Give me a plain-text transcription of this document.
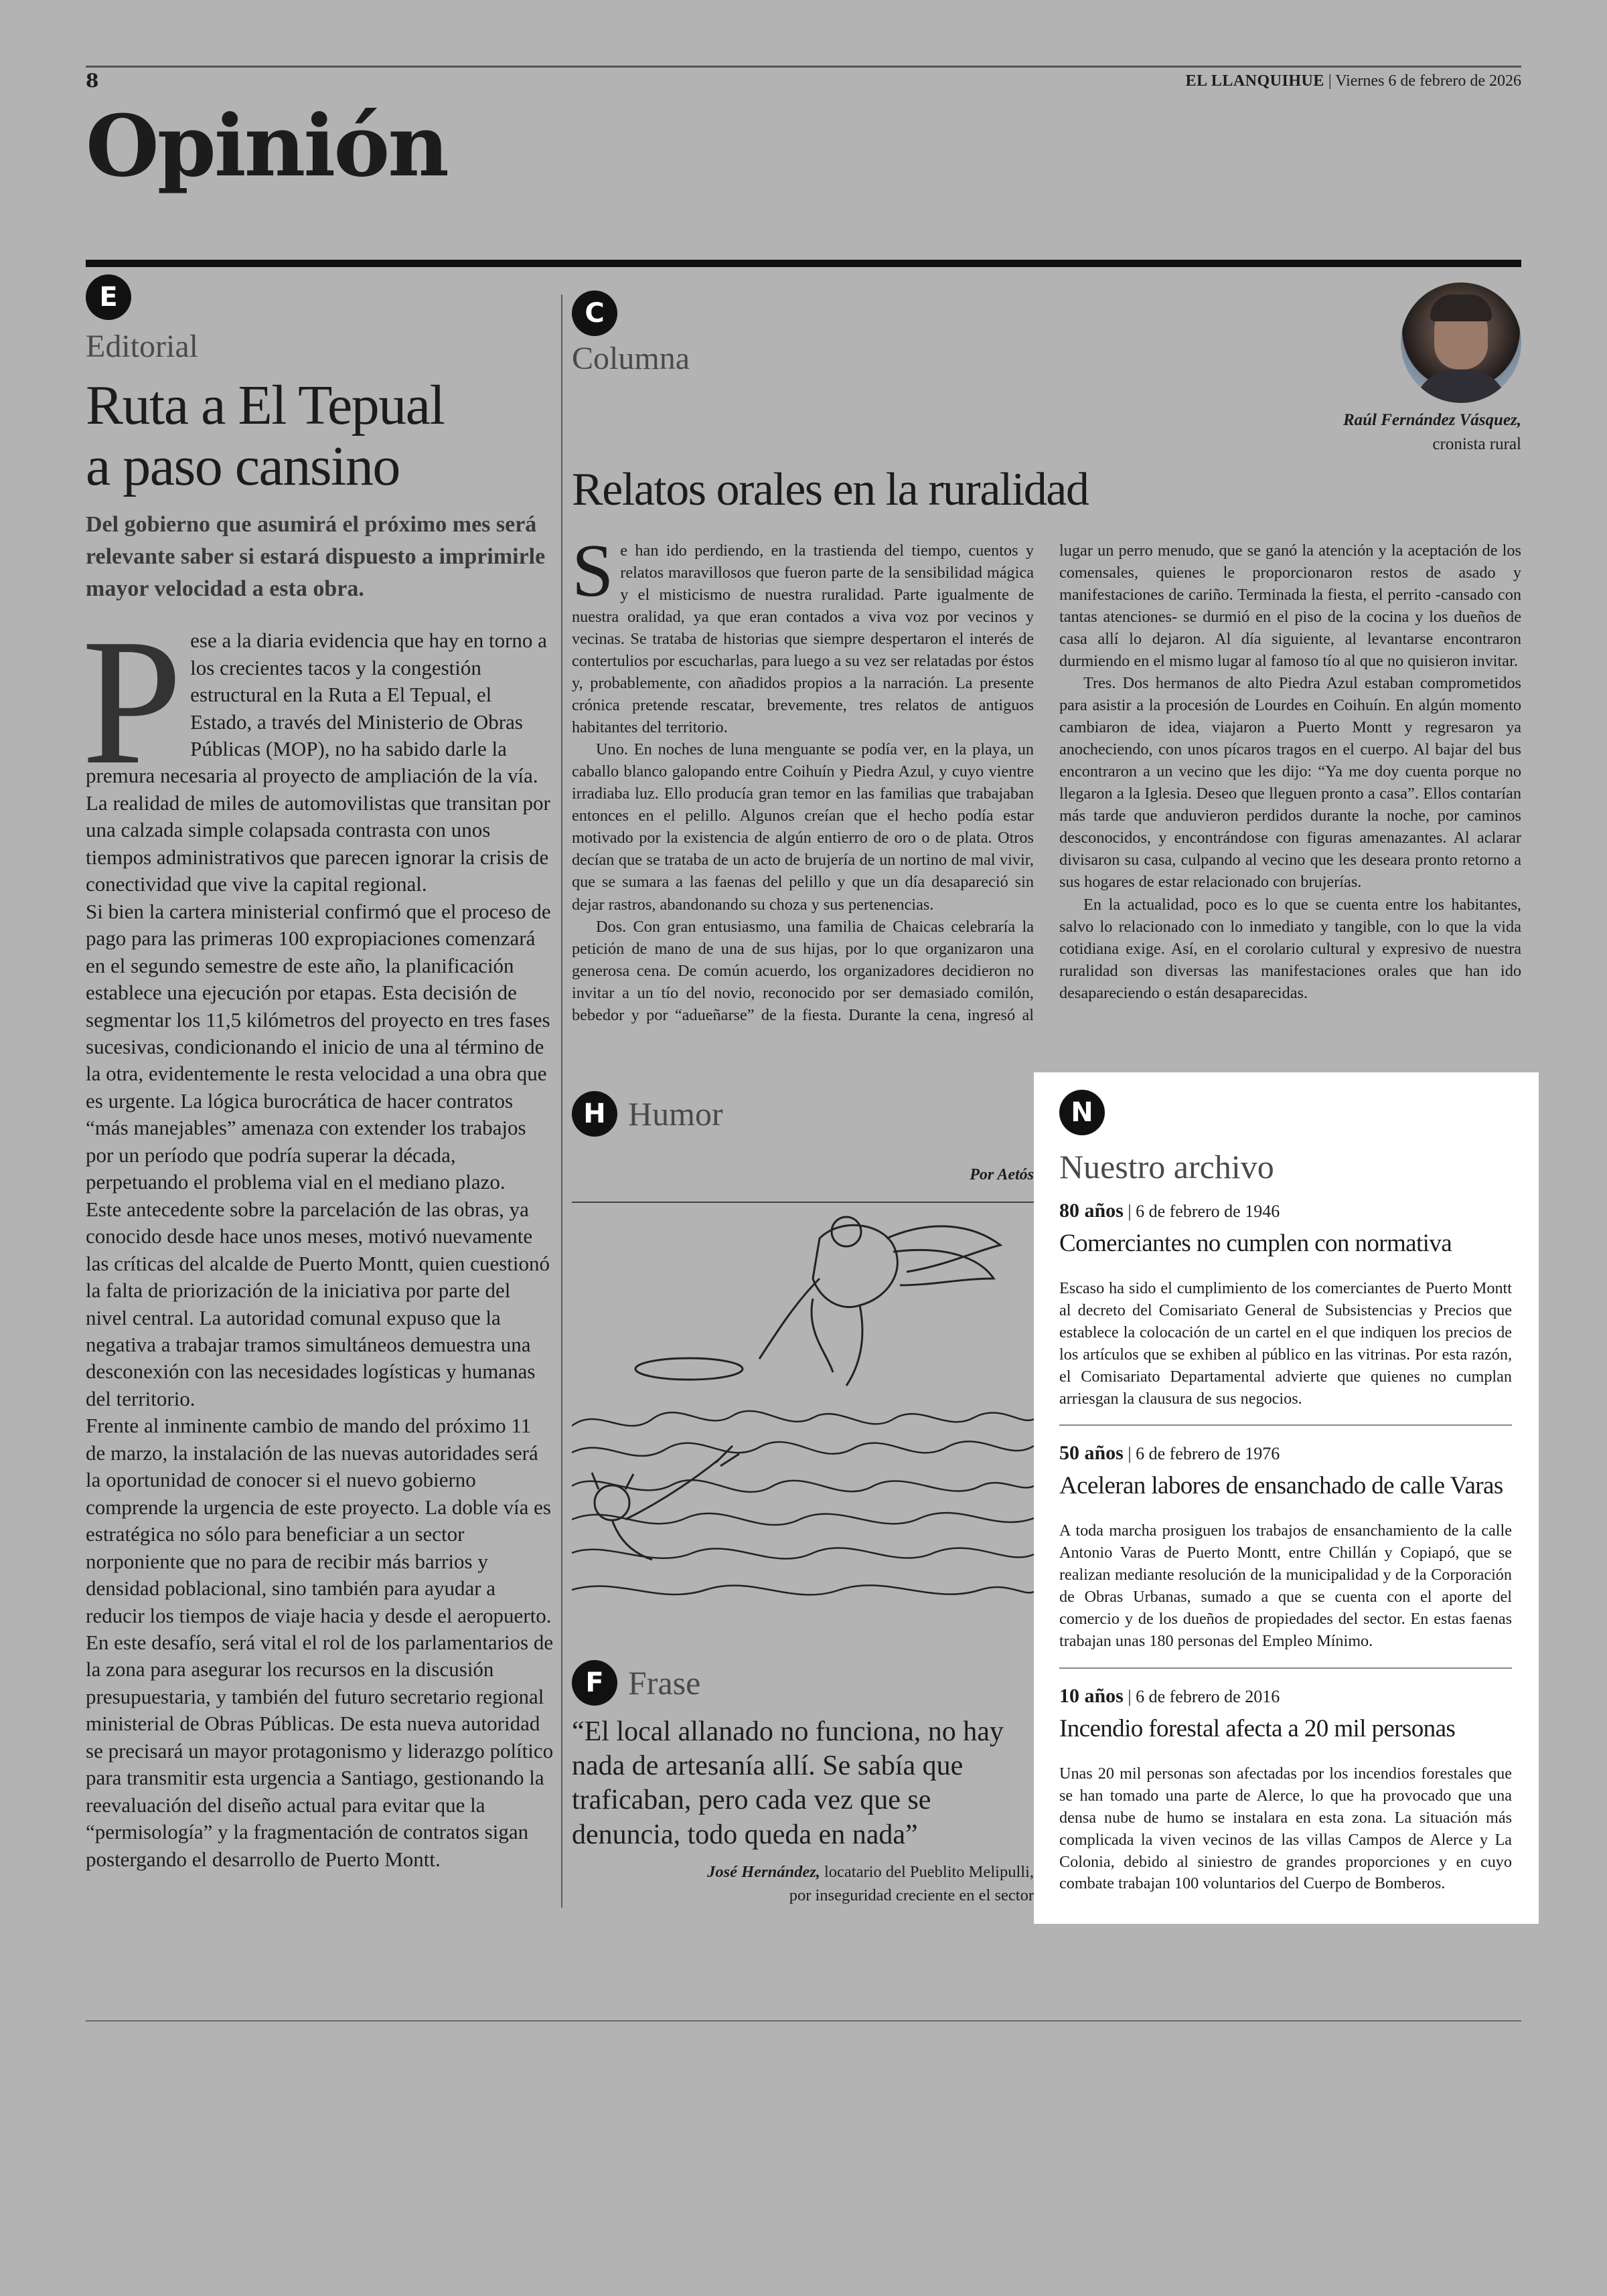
8	EL LLANQUIHUE | Viernes 6 de febrero de 2026
Opinión
E
Editorial
Ruta a El Tepual
a paso cansino

Del gobierno que asumirá el próximo mes será relevante saber si estará dispuesto a imprimirle mayor velocidad a esta obra.

P ese a la diaria evidencia que hay en torno a los crecientes tacos y la congestión estructural en la Ruta a El Tepual, el Estado, a través del Ministerio de Obras Públicas (MOP), no ha sabido darle la premura necesaria al proyecto de ampliación de la vía. La realidad de miles de automovilistas que transitan por una calzada simple colapsada contrasta con unos tiempos administrativos que parecen ignorar la crisis de conectividad que vive la capital regional.

Si bien la cartera ministerial confirmó que el proceso de pago para las primeras 100 expropiaciones comenzará en el segundo semestre de este año, la planificación establece una ejecución por etapas. Esta decisión de segmentar los 11,5 kilómetros del proyecto en tres fases sucesivas, condicionando el inicio de una al término de la otra, evidentemente le resta velocidad a una obra que es urgente. La lógica burocrática de hacer contratos “más manejables” amenaza con extender los trabajos por un período que podría superar la década, perpetuando el problema vial en el mediano plazo.

Este antecedente sobre la parcelación de las obras, ya conocido desde hace unos meses, motivó nuevamente las críticas del alcalde de Puerto Montt, quien cuestionó la falta de priorización de la iniciativa por parte del nivel central. La autoridad comunal expuso que la negativa a trabajar tramos simultáneos demuestra una desconexión con las necesidades logísticas y humanas del territorio.

Frente al inminente cambio de mando del próximo 11 de marzo, la instalación de las nuevas autoridades será la oportunidad de conocer si el nuevo gobierno comprende la urgencia de este proyecto. La doble vía es estratégica no sólo para beneficiar a un sector norponiente que no para de recibir más barrios y densidad poblacional, sino también para ayudar a reducir los tiempos de viaje hacia y desde el aeropuerto.

En este desafío, será vital el rol de los parlamentarios de la zona para asegurar los recursos en la discusión presupuestaria, y también del futuro secretario regional ministerial de Obras Públicas. De esta nueva autoridad se precisará un mayor protagonismo y liderazgo político para transmitir esta urgencia a Santiago, gestionando la reevaluación del diseño actual para evitar que la “permisología” y la fragmentación de contratos sigan postergando el desarrollo de Puerto Montt.

C
Columna
Raúl Fernández Vásquez,
cronista rural
Relatos orales en la ruralidad
S e han ido perdiendo, en la trastienda del tiempo, cuentos y relatos maravillosos que fueron parte de la sensibilidad mágica y el misticismo de nuestra ruralidad. Parte igualmente de nuestra oralidad, ya que eran contados a viva voz por vecinos y vecinas. Se trataba de historias que siempre despertaron el interés de contertulios por escucharlas, para luego a su vez ser relatadas por éstos y, probablemente, con añadidos propios a la narración. La presente crónica pretende rescatar, brevemente, tres relatos de antiguos habitantes del territorio.

Uno. En noches de luna menguante se podía ver, en la playa, un caballo blanco galopando entre Coihuín y Piedra Azul, y cuyo vientre irradiaba luz. Ello producía gran temor en las familias que trabajaban entonces en el pelillo. Algunos creían que el hecho podía estar motivado por la existencia de algún entierro de oro o de plata. Otros decían que se trataba de un acto de brujería de un nortino de mal vivir, que se sumara a las faenas del pelillo y que un día desapareció sin dejar rastros, abandonando su choza y sus pertenencias.

Dos. Con gran entusiasmo, una familia de Chaicas celebraría la petición de mano de una de sus hijas, por lo que organizaron una generosa cena. De común acuerdo, los organizadores decidieron no invitar a un tío del novio, reconocido por ser demasiado comilón, bebedor y por “adueñarse” de la fiesta. Durante la cena, ingresó al lugar un perro menudo, que se ganó la atención y la aceptación de los comensales, quienes le proporcionaron restos de asado y manifestaciones de cariño. Terminada la fiesta, el perrito -cansado con tantas atenciones- se durmió en el piso de la cocina y los dueños de casa allí lo dejaron. Al día siguiente, al levantarse encontraron durmiendo en el mismo lugar al famoso tío al que no quisieron invitar.

Tres. Dos hermanos de alto Piedra Azul estaban comprometidos para asistir a la procesión de Lourdes en Coihuín. En algún momento cambiaron de idea, viajaron a Puerto Montt y regresaron ya anocheciendo, con unos pícaros tragos en el cuerpo. Al bajar del bus encontraron a un vecino que les dijo: “Ya me doy cuenta porque no llegaron a la Iglesia. Deseo que lleguen pronto a casa”. Ellos contarían más tarde que anduvieron perdidos durante la noche, por caminos desconocidos, y encontrándose con figuras amenazantes. Al aclarar divisaron su casa, culpando al vecino que les deseara pronto retorno a sus hogares de estar relacionado con brujerías.

En la actualidad, poco es lo que se cuenta entre los habitantes, salvo lo relacionado con lo inmediato y tangible, con lo que la vida cotidiana exige. Así, en el corolario cultural y expresivo de nuestra ruralidad son diversas las manifestaciones orales que han ido desapareciendo o están desaparecidas.

H Humor
Por Aetós
F Frase

“El local allanado no funciona, no hay nada de artesanía allí. Se sabía que traficaban, pero cada vez que se denuncia, todo queda en nada”

José Hernández, locatario del Pueblito Melipulli,
por inseguridad creciente en el sector

N
Nuestro archivo
80 años | 6 de febrero de 1946
Comerciantes no cumplen con normativa

Escaso ha sido el cumplimiento de los comerciantes de Puerto Montt al decreto del Comisariato General de Subsistencias y Precios que establece la colocación de un cartel en el que indiquen los precios de los artículos que se exhiben al público en las vitrinas. Por esta razón, el Comisariato Departamental advierte que quienes no cumplan arriesgan la clausura de sus negocios.

50 años | 6 de febrero de 1976
Aceleran labores de ensanchado de calle Varas

A toda marcha prosiguen los trabajos de ensanchamiento de la calle Antonio Varas de Puerto Montt, entre Chillán y Copiapó, que se realizan mediante resolución de la municipalidad y de la Corporación de Obras Urbanas, sumado a que se cuenta con el aporte del comercio y de los dueños de propiedades del sector. En estas faenas trabajan unas 180 personas del Empleo Mínimo.

10 años | 6 de febrero de 2016
Incendio forestal afecta a 20 mil personas

Unas 20 mil personas son afectadas por los incendios forestales que se han tomado una parte de Alerce, lo que ha provocado que una densa nube de humo se instalara en esta zona. La situación más complicada la viven vecinos de las villas Campos de Alerce y La Colonia, debido al siniestro de grandes proporciones y en cuyo combate trabajan 100 voluntarios del Cuerpo de Bomberos.
